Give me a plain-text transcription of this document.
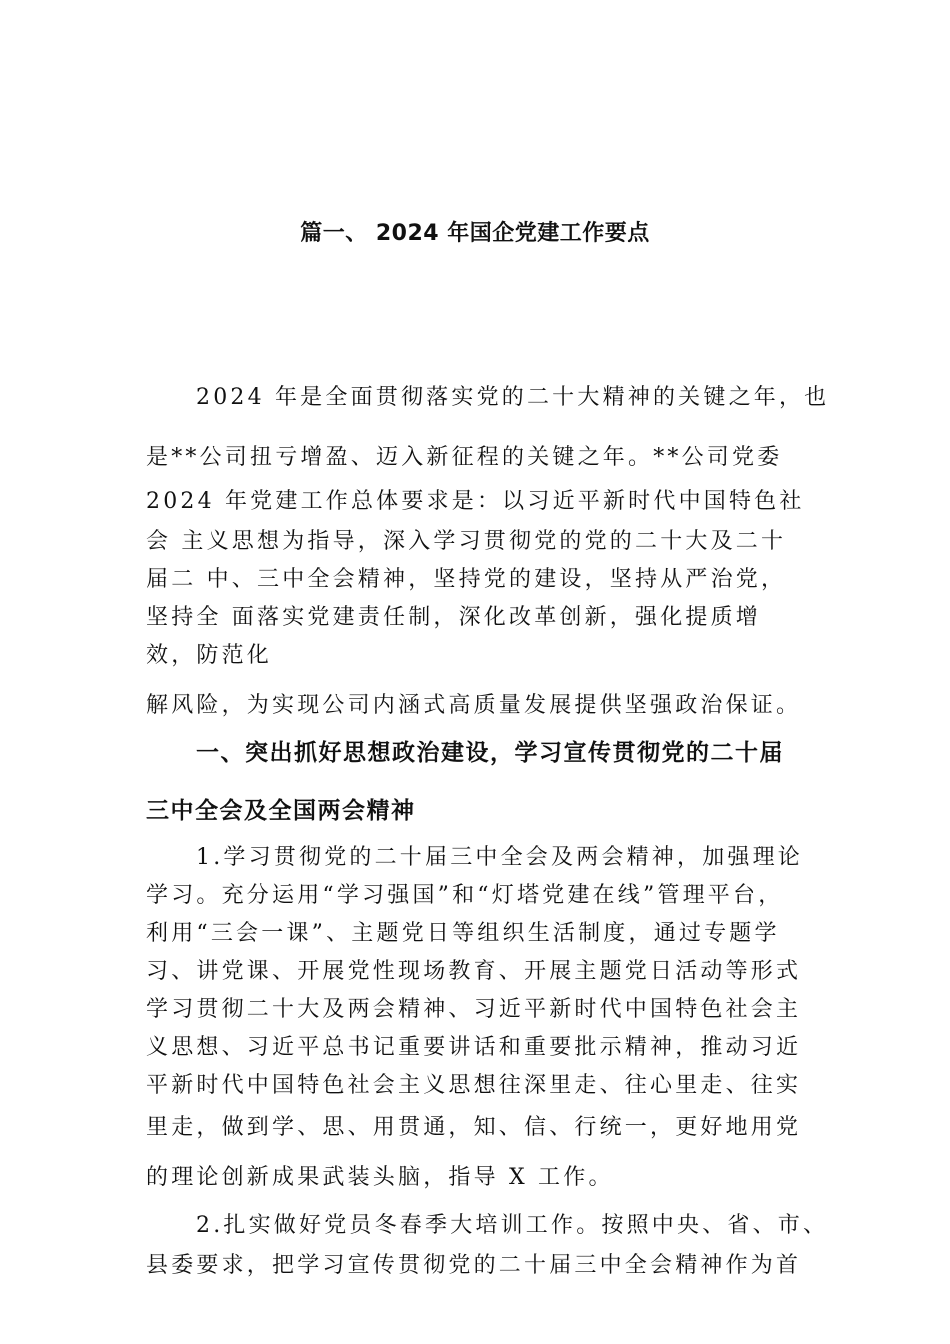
篇一、 2024 年国企党建工作要点
2024 年是全面贯彻落实党的二十大精神的关键之年，也
是**公司扭亏增盈、迈入新征程的关键之年。**公司党委
2024 年党建工作总体要求是：以习近平新时代中国特色社
会 主义思想为指导，深入学习贯彻党的党的二十大及二十
届二 中、三中全会精神，坚持党的建设，坚持从严治党，
坚持全 面落实党建责任制，深化改革创新，强化提质增
效，防范化
解风险，为实现公司内涵式高质量发展提供坚强政治保证。
一、突出抓好思想政治建设，学习宣传贯彻党的二十届
三中全会及全国两会精神
1.学习贯彻党的二十届三中全会及两会精神，加强理论
学习。充分运用“学习强国”和“灯塔党建在线”管理平台，
利用“三会一课”、主题党日等组织生活制度，通过专题学
习、讲党课、开展党性现场教育、开展主题党日活动等形式
学习贯彻二十大及两会精神、习近平新时代中国特色社会主
义思想、习近平总书记重要讲话和重要批示精神，推动习近
平新时代中国特色社会主义思想往深里走、往心里走、往实
里走，做到学、思、用贯通，知、信、行统一，更好地用党
的理论创新成果武装头脑，指导 X 工作。
2.扎实做好党员冬春季大培训工作。按照中央、省、市、
县委要求，把学习宣传贯彻党的二十届三中全会精神作为首
